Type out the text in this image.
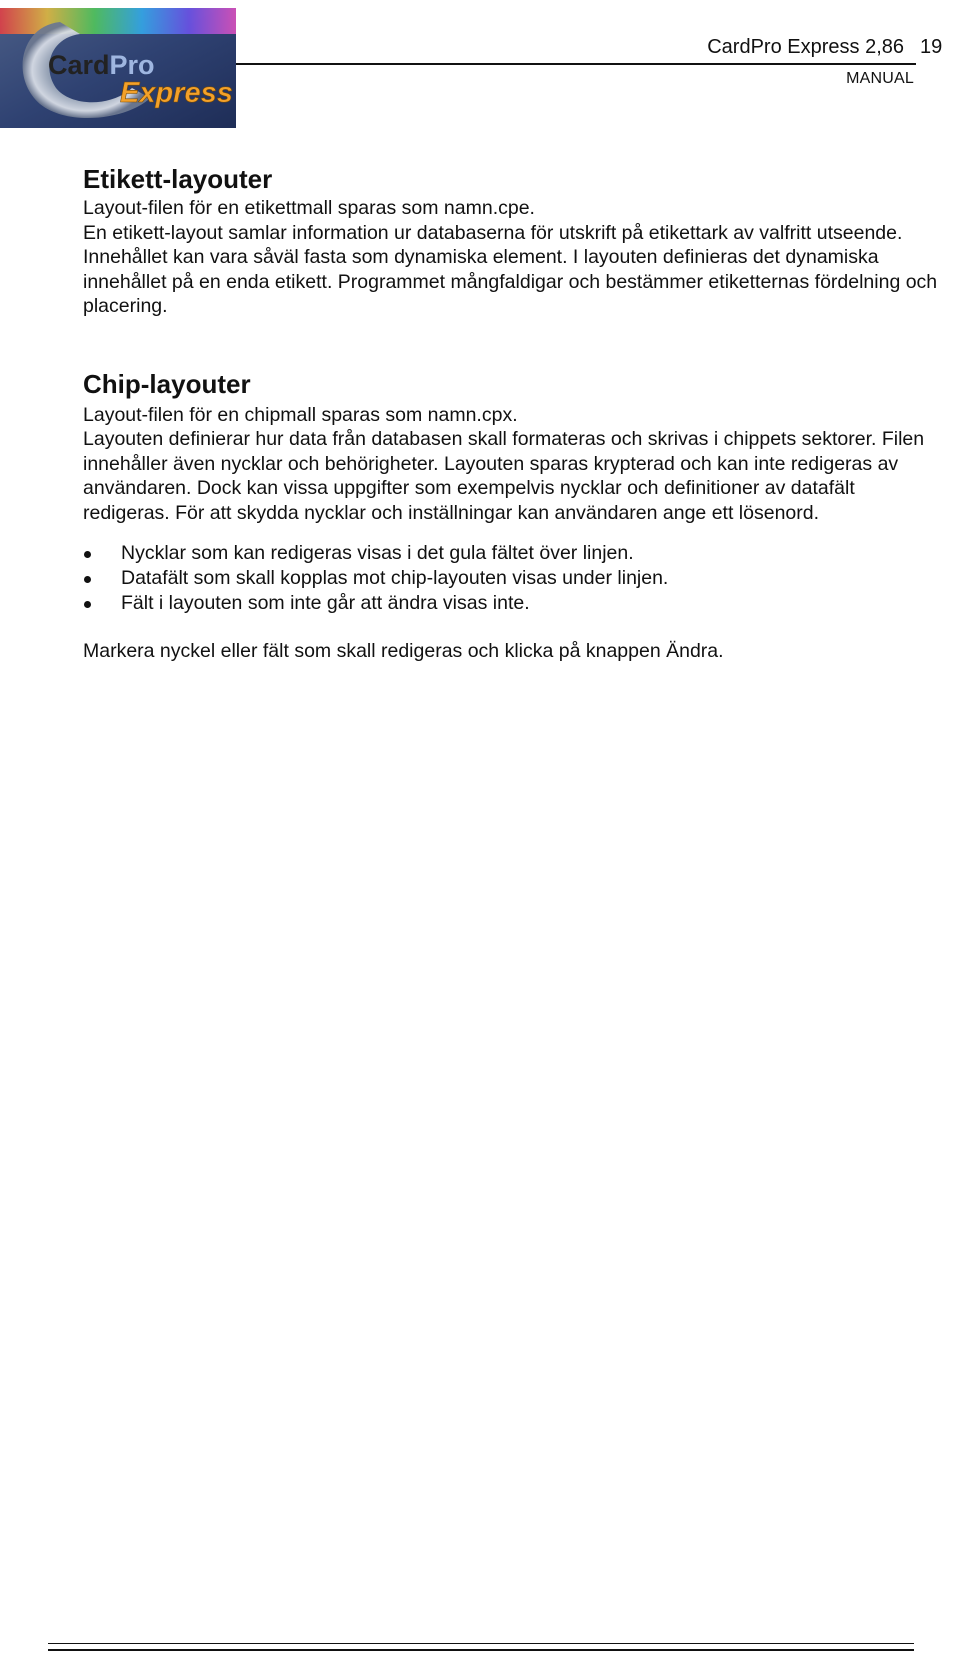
CardPro
Express
CardPro Express 2,86 19
MANUAL
Etikett-layouter

Layout-filen för en etikettmall sparas som namn.cpe.

En etikett-layout samlar information ur databaserna för utskrift på etikettark av valfritt utseende. Innehållet kan vara såväl fasta som dynamiska element. I layouten definieras det dynamiska innehållet på en enda etikett. Programmet mångfaldigar och bestämmer etiketternas fördelning och placering.

Chip-layouter

Layout-filen för en chipmall sparas som namn.cpx.

Layouten definierar hur data från databasen skall formateras och skrivas i chippets sektorer. Filen innehåller även nycklar och behörigheter. Layouten sparas krypterad och kan inte redigeras av användaren. Dock kan vissa uppgifter som exempelvis nycklar och definitioner av datafält redigeras. För att skydda nycklar och inställningar kan användaren ange ett lösenord.

Nycklar som kan redigeras visas i det gula fältet över linjen.
Datafält som skall kopplas mot chip-layouten visas under linjen.
Fält i layouten som inte går att ändra visas inte.

Markera nyckel eller fält som skall redigeras och klicka på knappen Ändra.
